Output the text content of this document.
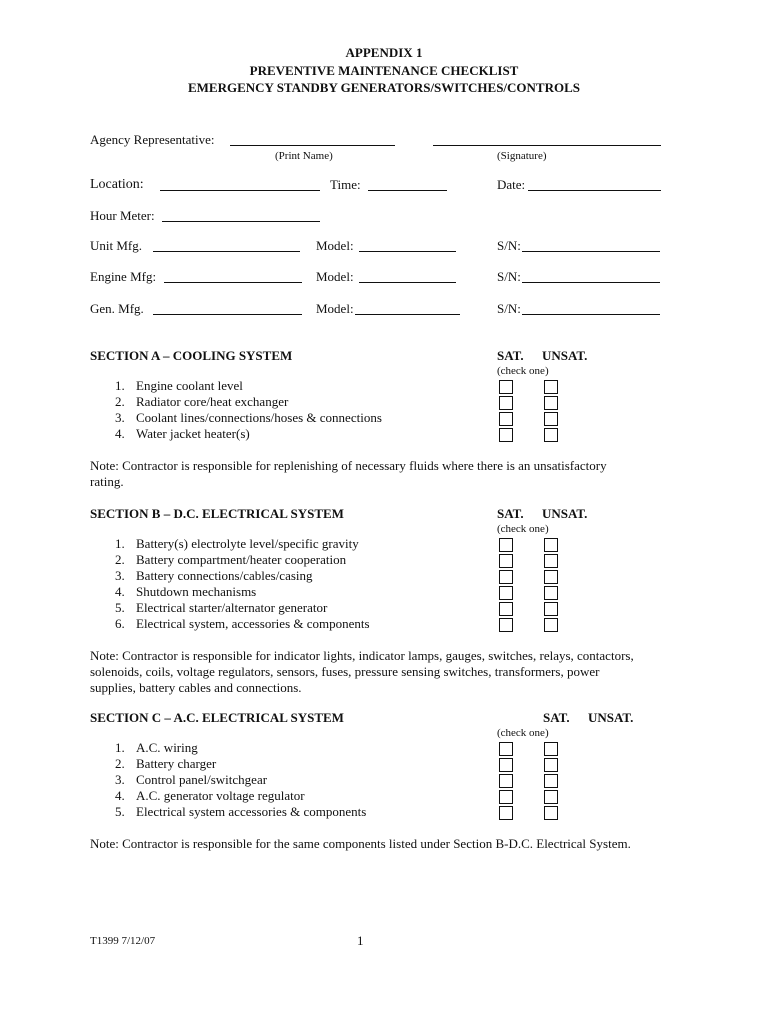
APPENDIX 1
PREVENTIVE MAINTENANCE CHECKLIST
EMERGENCY STANDBY GENERATORS/SWITCHES/CONTROLS
Agency Representative:
(Print Name)	(Signature)
Location:	Time:	Date:
Hour Meter:
Unit Mfg.	Model:	S/N:
Engine Mfg:	Model:	S/N:
Gen. Mfg.	Model:	S/N:
SECTION A – COOLING SYSTEM	SAT. UNSAT.
(check one)
1. Engine coolant level
2. Radiator core/heat exchanger
3. Coolant lines/connections/hoses & connections
4. Water jacket heater(s)
Note: Contractor is responsible for replenishing of necessary fluids where there is an unsatisfactory
rating.
SECTION B – D.C. ELECTRICAL SYSTEM	SAT. UNSAT.
(check one)
1. Battery(s) electrolyte level/specific gravity
2. Battery compartment/heater cooperation
3. Battery connections/cables/casing
4. Shutdown mechanisms
5. Electrical starter/alternator generator
6. Electrical system, accessories & components
Note: Contractor is responsible for indicator lights, indicator lamps, gauges, switches, relays, contactors,
solenoids, coils, voltage regulators, sensors, fuses, pressure sensing switches, transformers, power
supplies, battery cables and connections.
SECTION C – A.C. ELECTRICAL SYSTEM	SAT. UNSAT.
(check one)
1. A.C. wiring
2. Battery charger
3. Control panel/switchgear
4. A.C. generator voltage regulator
5. Electrical system accessories & components
Note: Contractor is responsible for the same components listed under Section B-D.C. Electrical System.
T1399 7/12/07	1
